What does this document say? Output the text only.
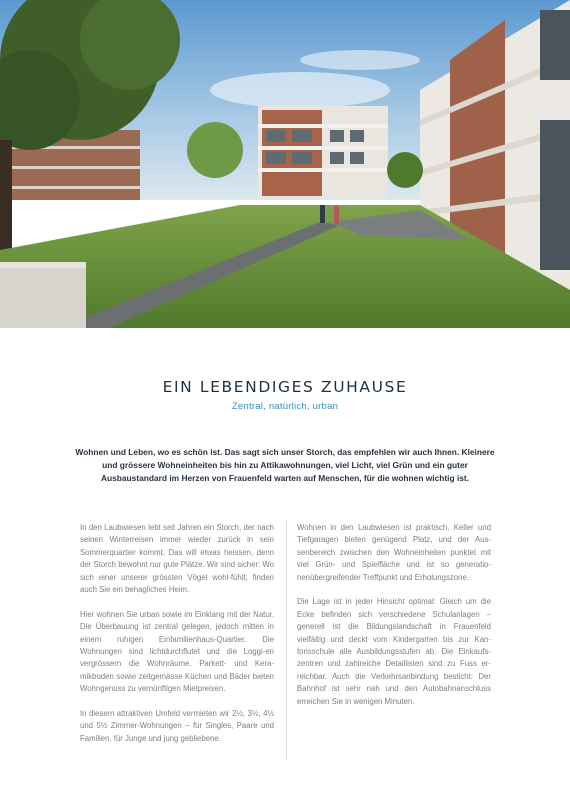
EIN LEBENDIGES ZUHAUSE

Zentral, natürlich, urban

Wohnen und Leben, wo es schön ist. Das sagt sich unser Storch, das empfehlen wir auch Ihnen. Kleinere und grössere Wohneinheiten bis hin zu Attikawohnungen, viel Licht, viel Grün und ein guter Ausbaustandard im Herzen von Frauenfeld warten auf Menschen, für die wohnen wichtig ist.

In den Laubwiesen lebt seit Jahren ein Storch, der nach seinen Winterreisen immer wieder zurück in sein Sommerquartier kommt. Das will etwas heissen, denn der Storch bewohnt nur gute Plätze. Wir sind sicher: Wo sich einer unserer grössten Vögel wohl-fühlt, finden auch Sie ein behagliches Heim.

Hier wohnen Sie urban sowie im Einklang mit der Natur. Die Überbauung ist zentral gelegen, jedoch mitten in einem ruhigen Einfamilienhaus-Quartier. Die Wohnungen sind lichtdurchflutet und die Loggi-en vergrössern die Wohnräume. Parkett- und Kera-mikboden sowie zeitgemässe Küchen und Bäder bieten Wohngenuss zu vernünftigen Mietpreisen.

In diesem attraktiven Umfeld vermieten wir 2½, 3½, 4½ und 5½ Zimmer-Wohnungen – für Singles, Paare und Familien, für Junge und jung gebliebene.

Wohnen in den Laubwiesen ist praktisch. Keller und Tiefgaragen bieten genügend Platz, und der Aus-senbereich zwischen den Wohneinheiten punktet mit viel Grün- und Spielfläche und ist so generatio-nenübergreifender Treffpunkt und Erholungszone.

Die Lage ist in jeder Hinsicht optimal: Gleich um die Ecke befinden sich verschiedene Schulanlagen – generell ist die Bildungslandschaft in Frauenfeld vielfältig und deckt vom Kindergarten bis zur Kan-tonsschule alle Ausbildungsstufen ab. Die Einkaufs-zentren und zahlreiche Detaillisten sind zu Fuss er-reichbar. Auch die Verkehrsanbindung besticht: Der Bahnhof ist sehr nah und den Autobahnanschluss erreichen Sie in wenigen Minuten.
